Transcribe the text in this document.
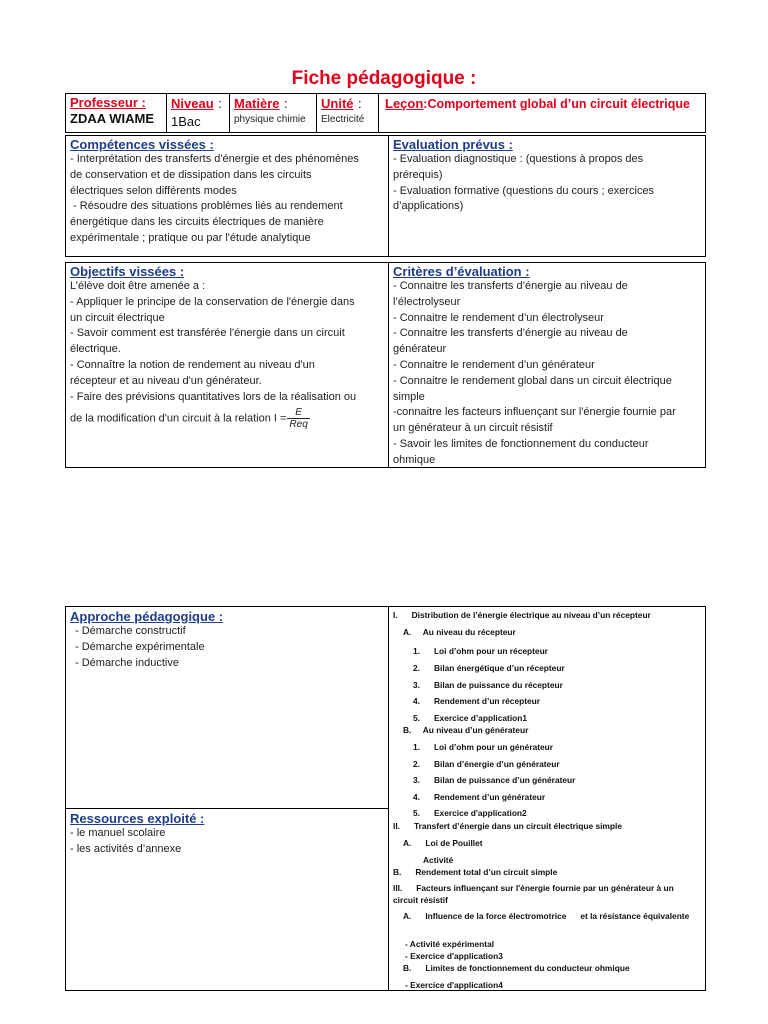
Fiche pédagogique :
Professeur :
ZDAA WIAME
Niveau :
1Bac
Matière :
physique chimie
Unité :
Electricité
Leçon:Comportement global d’un circuit électrique
Compétences vissées :
- Interprétation des transferts d'énergie et des phénomènes
de conservation et de dissipation dans les circuits
électriques selon différents modes
- Résoudre des situations problèmes liés au rendement
énergétique dans les circuits électriques de manière
expérimentale ; pratique ou par l'étude analytique
Evaluation prévus :
- Evaluation diagnostique : (questions à propos des
prérequis)
- Evaluation formative (questions du cours ; exercices
d’applications)
Objectifs vissées :
L’élève doit être amenée a :
- Appliquer le principe de la conservation de l'énergie dans
un circuit électrique
- Savoir comment est transférée l'énergie dans un circuit
électrique.
- Connaître la notion de rendement au niveau d'un
récepteur et au niveau d'un générateur.
- Faire des prévisions quantitatives lors de la réalisation ou
de la modification d'un circuit à la relation $I = \frac{E}{\text{Req}}$
Critères d’évaluation :
- Connaitre les transferts d’énergie au niveau de
l’électrolyseur
- Connaitre le rendement d’un électrolyseur
- Connaitre les transferts d’énergie au niveau de
générateur
- Connaitre le rendement d’un générateur
- Connaitre le rendement global dans un circuit électrique
simple
-connaitre les facteurs influençant sur l'énergie fournie par
un générateur à un circuit résistif
- Savoir les limites de fonctionnement du conducteur
ohmique
Approche pédagogique :
- Démarche constructif
- Démarche expérimentale
- Démarche inductive
Ressources exploité :
- le manuel scolaire
- les activités d’annexe
I.      Distribution de l’énergie électrique au niveau d’un récepteur
A.     Au niveau du récepteur
1.      Loi d’ohm pour un récepteur
2.      Bilan énergétique d’un récepteur
3.      Bilan de puissance du récepteur
4.      Rendement d’un récepteur
5.      Exercice d’application1
B.     Au niveau d’un générateur
1.      Loi d’ohm pour un générateur
2.      Bilan d’énergie d’un générateur
3.      Bilan de puissance d’un générateur
4.      Rendement d’un générateur
5.      Exercice d'application2
II.      Transfert d’énergie dans un circuit électrique simple
A.      Loi de Pouillet
Activité
B.      Rendement total d’un circuit simple
III.      Facteurs influençant sur l'énergie fournie par un générateur à un
circuit résistif
A.      Influence de la force électromotrice      et la résistance équivalente
- Activité expérimental
- Exercice d'application3
B.      Limites de fonctionnement du conducteur ohmique
- Exercice d'application4
